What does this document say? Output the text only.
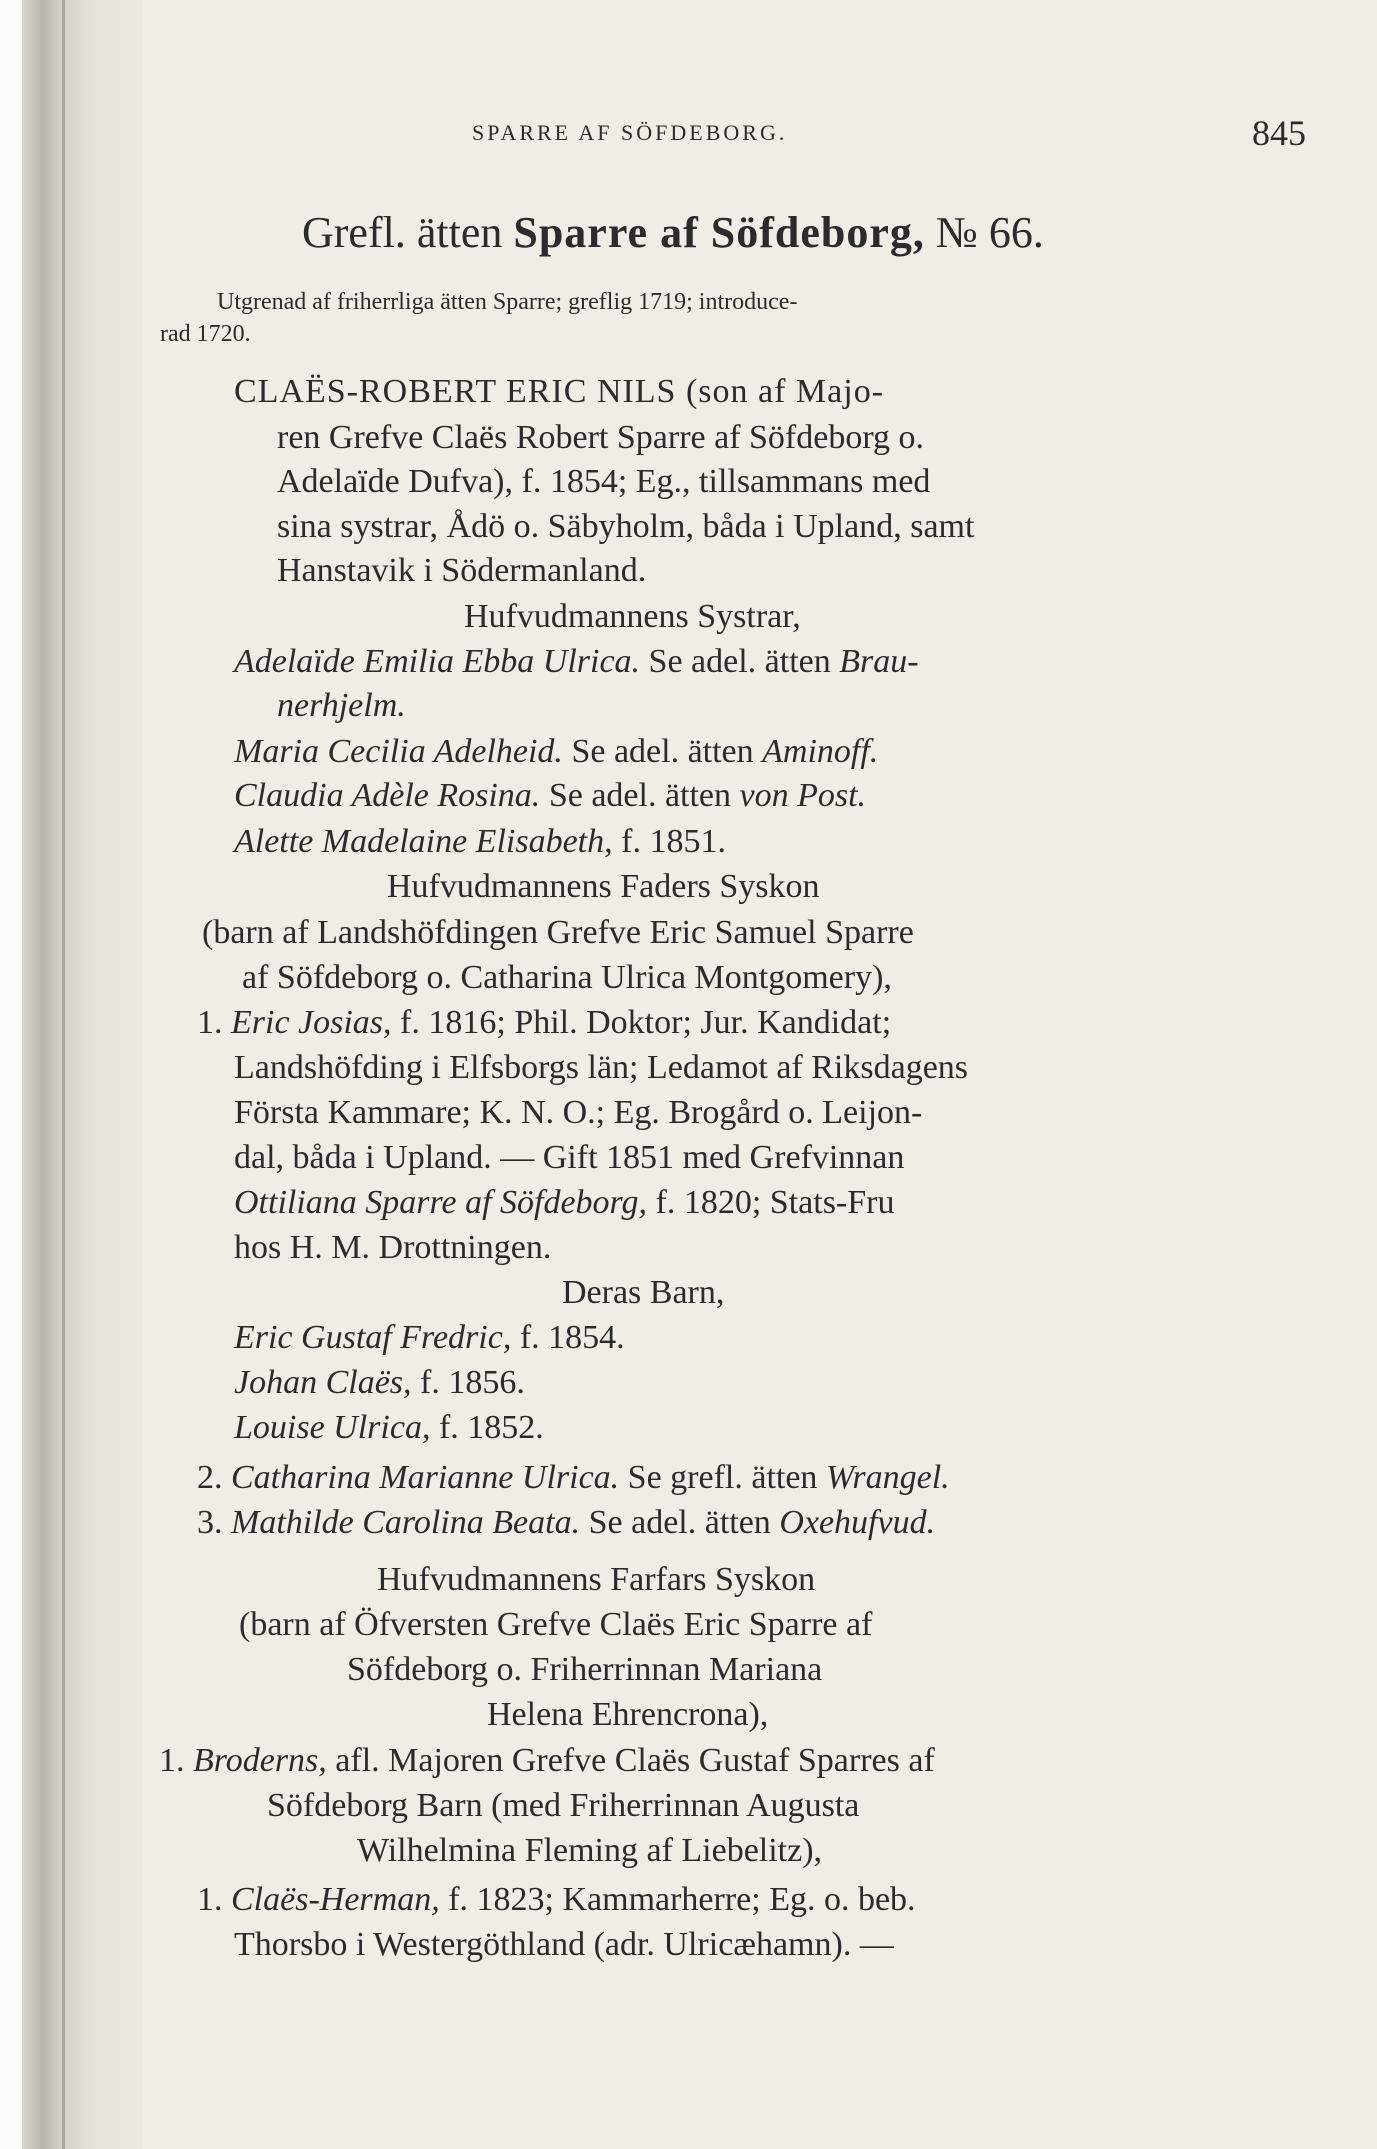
SPARRE AF SÖFDEBORG.	845
Grefl. ätten Sparre af Söfdeborg, № 66.
Utgrenad af friherrliga ätten Sparre; greflig 1719; introduce-
rad 1720.
CLAËS-ROBERT ERIC NILS (son af Majo-
ren Grefve Claës Robert Sparre af Söfdeborg o.
Adelaïde Dufva), f. 1854; Eg., tillsammans med
sina systrar, Ådö o. Säbyholm, båda i Upland, samt
Hanstavik i Södermanland.
Hufvudmannens Systrar,
Adelaïde Emilia Ebba Ulrica. Se adel. ätten Brau-
nerhjelm.
Maria Cecilia Adelheid. Se adel. ätten Aminoff.
Claudia Adèle Rosina. Se adel. ätten von Post.
Alette Madelaine Elisabeth, f. 1851.
Hufvudmannens Faders Syskon
(barn af Landshöfdingen Grefve Eric Samuel Sparre
af Söfdeborg o. Catharina Ulrica Montgomery),
1. Eric Josias, f. 1816; Phil. Doktor; Jur. Kandidat;
Landshöfding i Elfsborgs län; Ledamot af Riksdagens
Första Kammare; K. N. O.; Eg. Brogård o. Leijon-
dal, båda i Upland. — Gift 1851 med Grefvinnan
Ottiliana Sparre af Söfdeborg, f. 1820; Stats-Fru
hos H. M. Drottningen.
Deras Barn,
Eric Gustaf Fredric, f. 1854.
Johan Claës, f. 1856.
Louise Ulrica, f. 1852.
2. Catharina Marianne Ulrica. Se grefl. ätten Wrangel.
3. Mathilde Carolina Beata. Se adel. ätten Oxehufvud.
Hufvudmannens Farfars Syskon
(barn af Öfversten Grefve Claës Eric Sparre af
Söfdeborg o. Friherrinnan Mariana
Helena Ehrencrona),
1. Broderns, afl. Majoren Grefve Claës Gustaf Sparres af
Söfdeborg Barn (med Friherrinnan Augusta
Wilhelmina Fleming af Liebelitz),
1. Claës-Herman, f. 1823; Kammarherre; Eg. o. beb.
Thorsbo i Westergöthland (adr. Ulricæhamn). —
